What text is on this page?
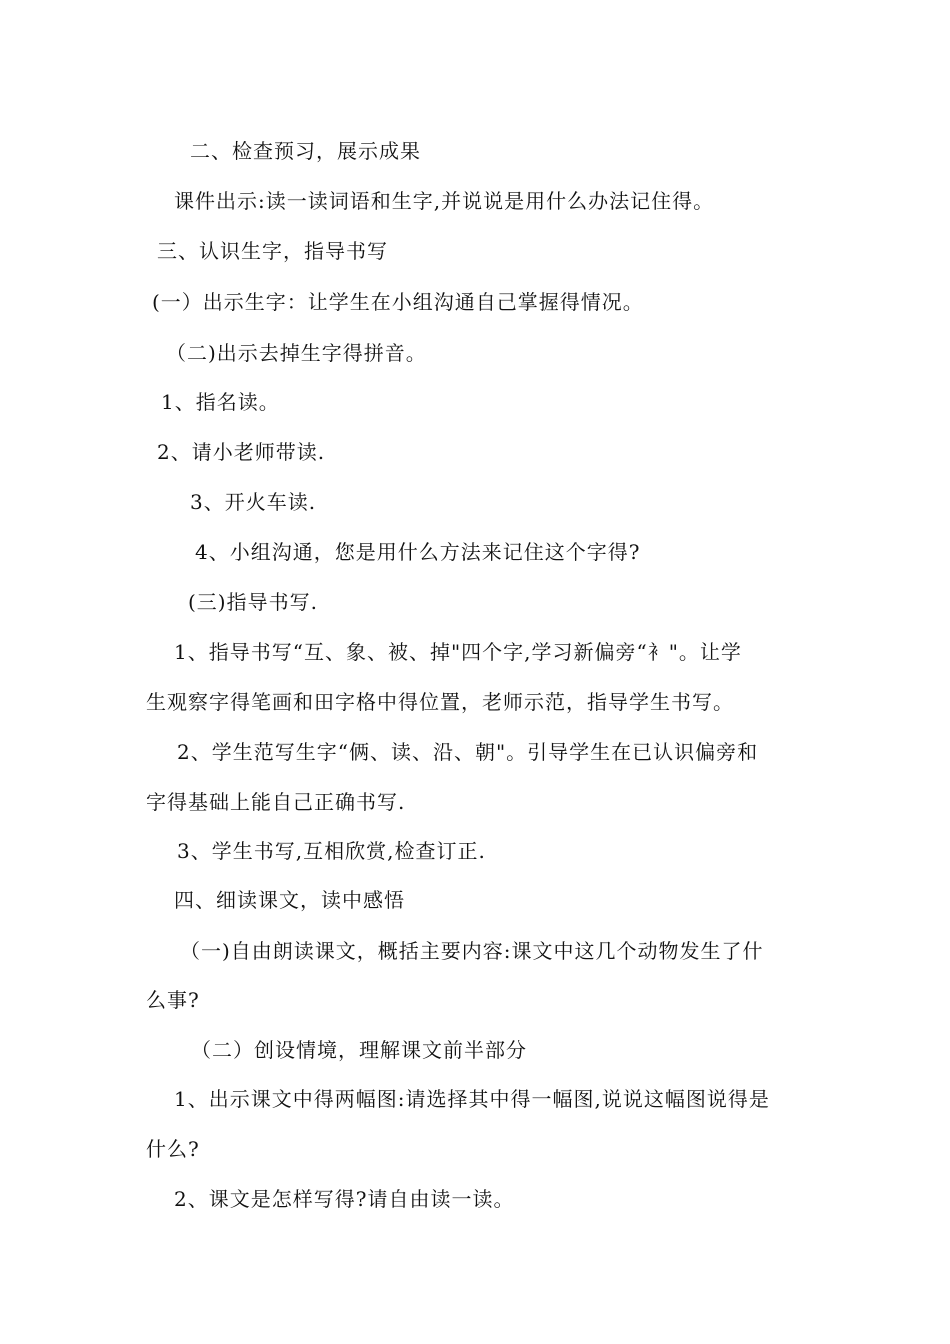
二、检查预习，展示成果
课件出示:读一读词语和生字,并说说是用什么办法记住得。
三、认识生字，指导书写
(一）出示生字：让学生在小组沟通自己掌握得情况。
（二)出示去掉生字得拼音。
1、指名读。
2、请小老师带读.
3、开火车读.
4、小组沟通，您是用什么方法来记住这个字得?
(三)指导书写.
1、指导书写“互、象、被、掉"四个字,学习新偏旁“衤"。让学
生观察字得笔画和田字格中得位置，老师示范，指导学生书写。
2、学生范写生字“俩、读、沿、朝"。引导学生在已认识偏旁和
字得基础上能自己正确书写.
3、学生书写,互相欣赏,检查订正.
四、细读课文，读中感悟
（一)自由朗读课文，概括主要内容:课文中这几个动物发生了什
么事?
（二）创设情境，理解课文前半部分
1、出示课文中得两幅图:请选择其中得一幅图,说说这幅图说得是
什么?
2、课文是怎样写得?请自由读一读。
